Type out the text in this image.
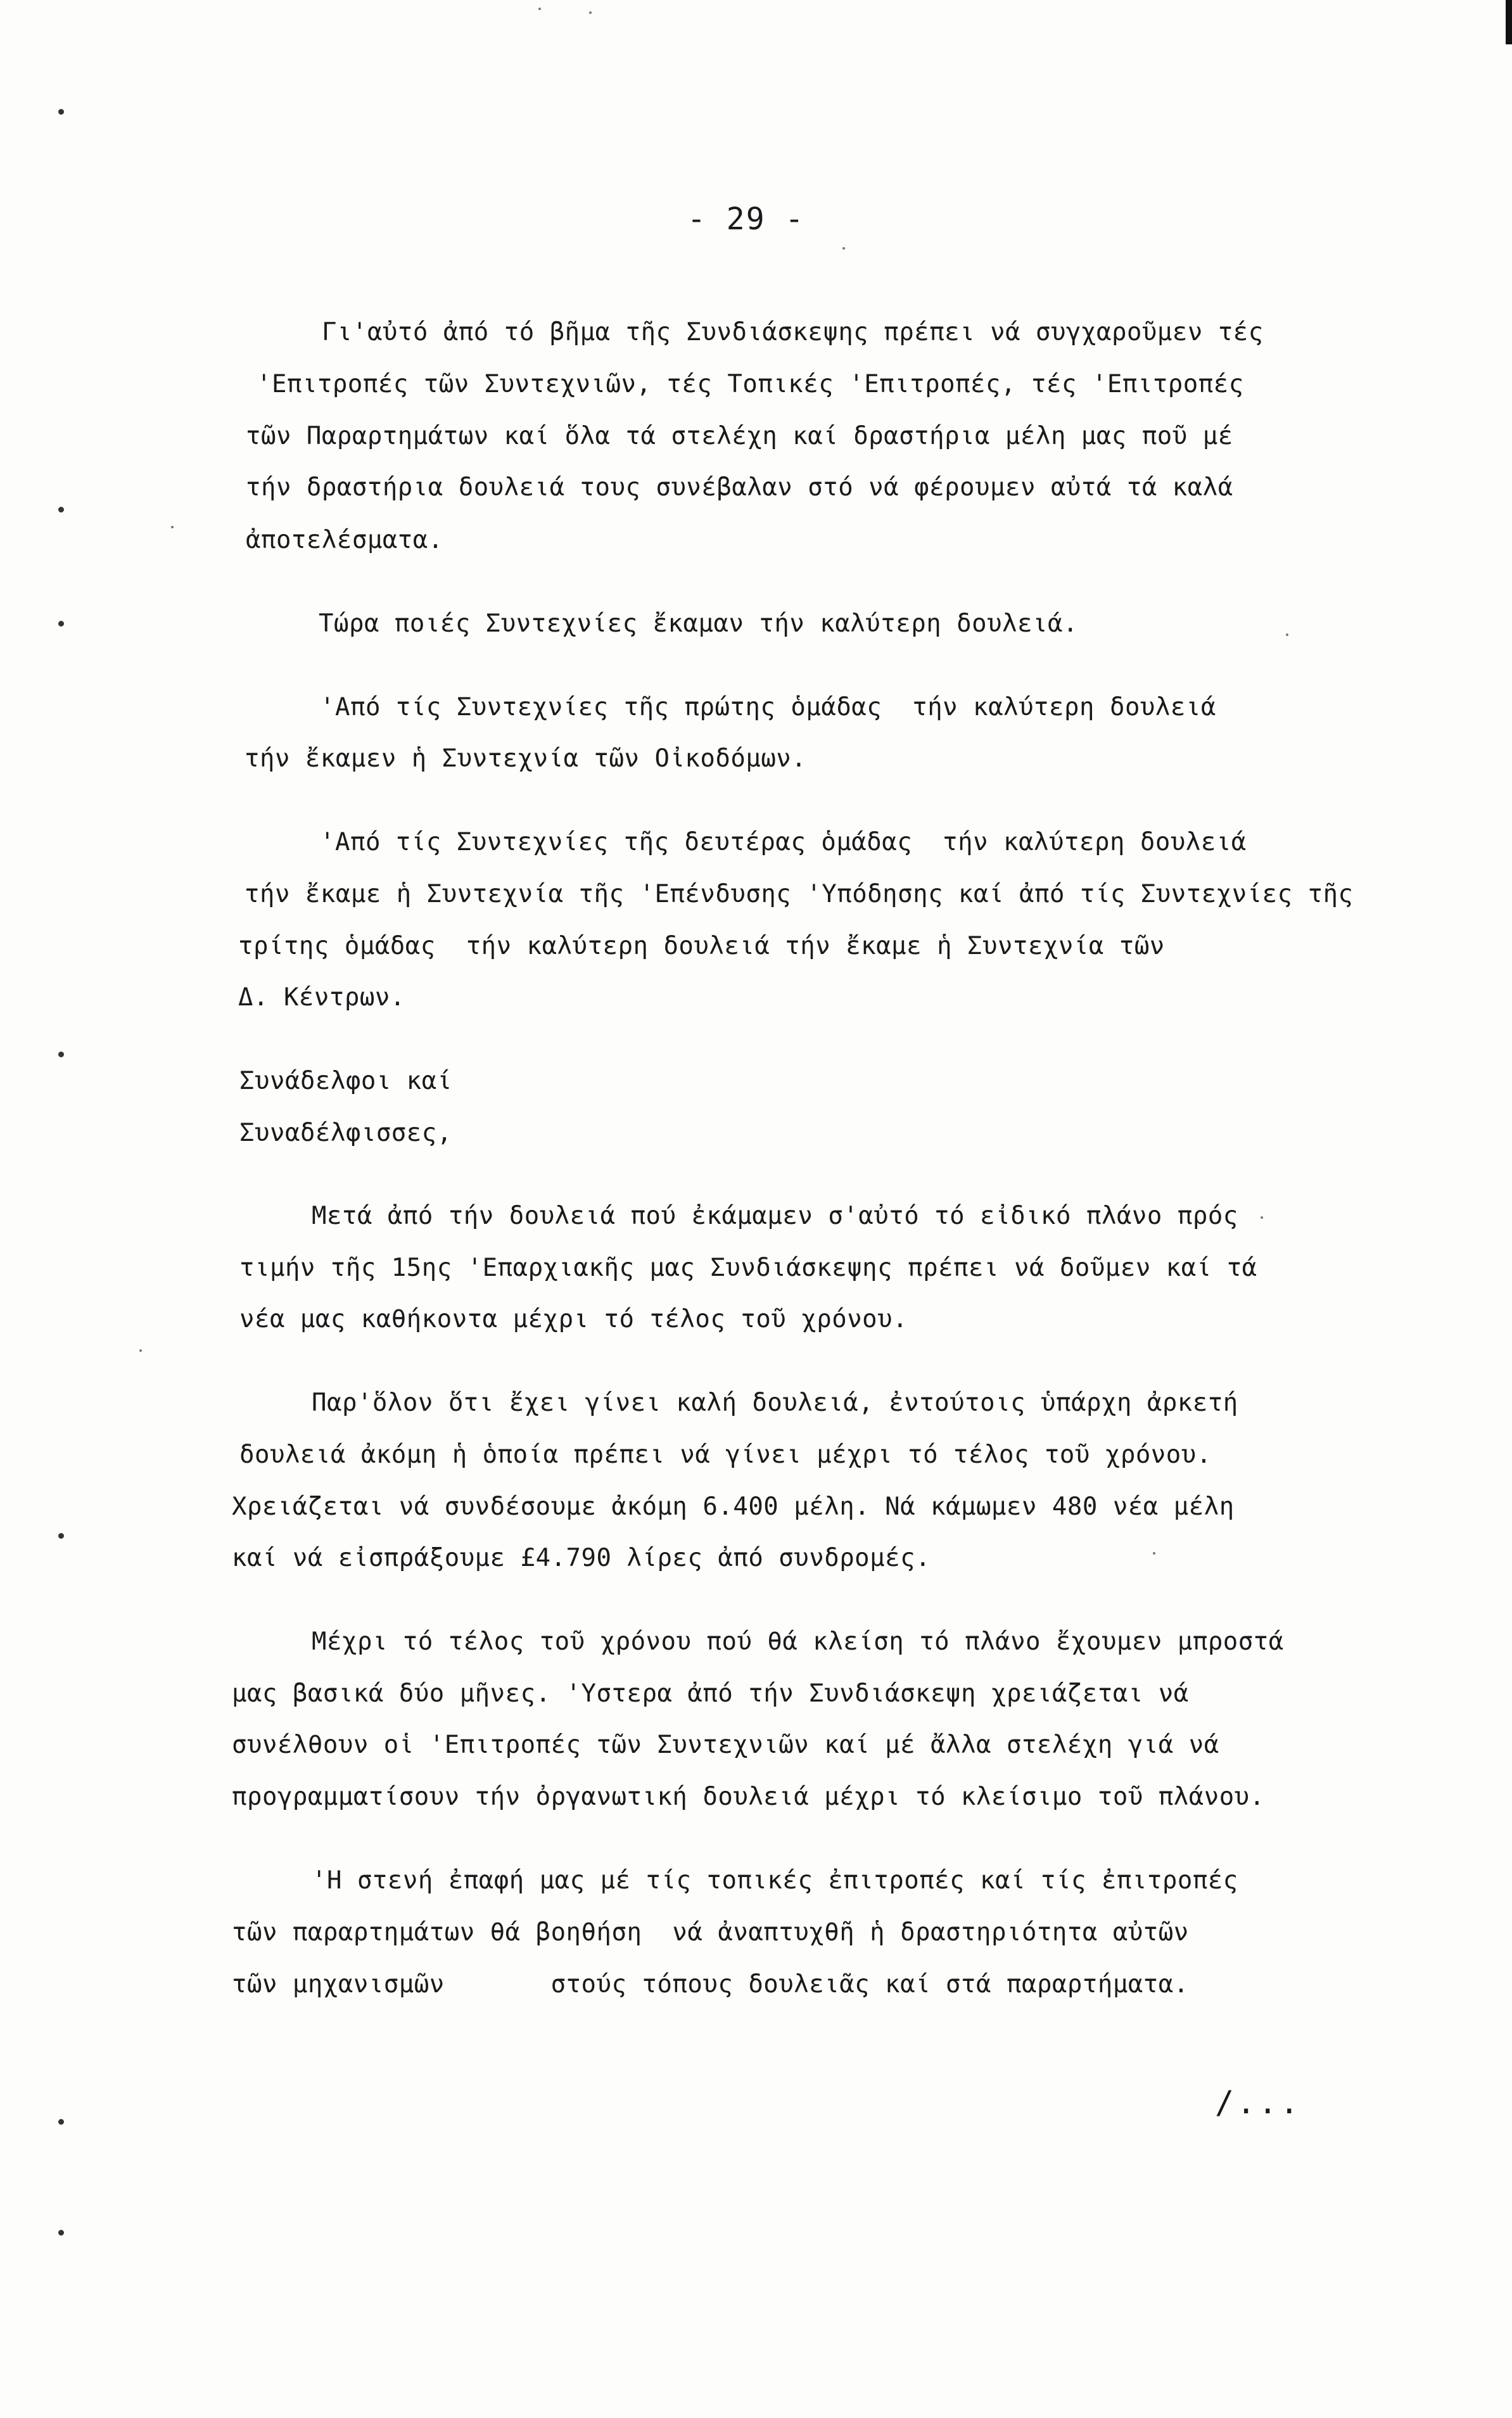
- 29 -
Γι'αὐτό ἀπό τό βῆμα τῆς Συνδιάσκεψης πρέπει νά συγχαροῦμεν τές
'Επιτροπές τῶν Συντεχνιῶν, τές Τοπικές 'Επιτροπές, τές 'Επιτροπές
τῶν Παραρτημάτων καί ὅλα τά στελέχη καί δραστήρια μέλη μας ποῦ μέ
τήν δραστήρια δουλειά τους συνέβαλαν στό νά φέρουμεν αὐτά τά καλά
ἀποτελέσματα.
Τώρα ποιές Συντεχνίες ἔκαμαν τήν καλύτερη δουλειά.
'Από τίς Συντεχνίες τῆς πρώτης ὁμάδας  τήν καλύτερη δουλειά
τήν ἔκαμεν ἡ Συντεχνία τῶν Οἰκοδόμων.
'Από τίς Συντεχνίες τῆς δευτέρας ὁμάδας  τήν καλύτερη δουλειά
τήν ἔκαμε ἡ Συντεχνία τῆς 'Επένδυσης 'Υπόδησης καί ἀπό τίς Συντεχνίες τῆς
τρίτης ὁμάδας  τήν καλύτερη δουλειά τήν ἔκαμε ἡ Συντεχνία τῶν
Δ. Κέντρων.
Συνάδελφοι καί
Συναδέλφισσες,
Μετά ἀπό τήν δουλειά πού ἐκάμαμεν σ'αὐτό τό εἰδικό πλάνο πρός
τιμήν τῆς 15ης 'Επαρχιακῆς μας Συνδιάσκεψης πρέπει νά δοῦμεν καί τά
νέα μας καθήκοντα μέχρι τό τέλος τοῦ χρόνου.
Παρ'ὅλον ὅτι ἔχει γίνει καλή δουλειά, ἐντούτοις ὑπάρχη ἀρκετή
δουλειά ἀκόμη ἡ ὁποία πρέπει νά γίνει μέχρι τό τέλος τοῦ χρόνου.
Χρειάζεται νά συνδέσουμε ἀκόμη 6.400 μέλη. Νά κάμωμεν 480 νέα μέλη
καί νά εἰσπράξουμε £4.790 λίρες ἀπό συνδρομές.
Μέχρι τό τέλος τοῦ χρόνου πού θά κλείση τό πλάνο ἔχουμεν μπροστά
μας βασικά δύο μῆνες. 'Υστερα ἀπό τήν Συνδιάσκεψη χρειάζεται νά
συνέλθουν οἱ 'Επιτροπές τῶν Συντεχνιῶν καί μέ ἄλλα στελέχη γιά νά
προγραμματίσουν τήν ὀργανωτική δουλειά μέχρι τό κλείσιμο τοῦ πλάνου.
'Η στενή ἐπαφή μας μέ τίς τοπικές ἐπιτροπές καί τίς ἐπιτροπές
τῶν παραρτημάτων θά βοηθήση  νά ἀναπτυχθῆ ἡ δραστηριότητα αὐτῶν
τῶν μηχανισμῶν       στούς τόπους δουλειᾶς καί στά παραρτήματα.
/...
